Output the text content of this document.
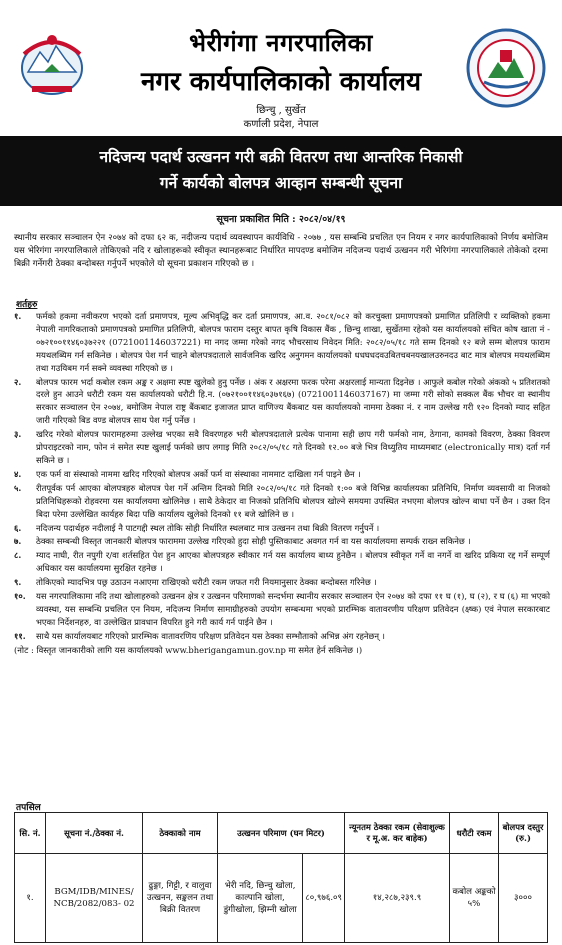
भेरीगंगा नगरपालिका
नगर कार्यपालिकाको कार्यालय
छिन्चु , सुर्खेत
कर्णाली प्रदेश, नेपाल
नदिजन्य पदार्थ उत्खनन गरी बक्री वितरण तथा आन्तरिक निकासी
गर्ने कार्यको बोलपत्र आव्हान सम्बन्धी सूचना
सूचना प्रकाशित मिति : २०८२/०४/१९
स्थानीय सरकार सञ्चालन ऐन २०७४ को दफा ६२ क, नदीजन्य पदार्थ व्यवस्थापन कार्यविधि - २०७७ , यस सम्बन्धि प्रचलित एन नियम र नगर कार्यपालिकाको निर्णय बमोजिम यस भेरिगंगा नगरपालिकाले तोकिएको नदि र खोलाहरूको स्वीकृत स्थानहरूबाट निर्धारित मापदण्ड बमोजिम नदिजन्य पदार्थ उत्खनन गरी भेरिगंगा नगरपालिकाले तोकेको दरमा बिक्री गर्नेगरी ठेक्का बन्दोबस्त गर्नुपर्ने भएकोले यो सूचना प्रकाशन गरिएको छ ।
शर्तहरु
१.	फर्मको हकमा नवीकरण भएको दर्ता प्रमाणपत्र, मूल्य अभिवृद्धि कर दर्ता प्रमाणपत्र, आ.व. २०८१/०८२ को करचुक्ता प्रमाणपत्रको प्रमाणित प्रतिलिपी र व्यक्तिको हकमा नेपाली नागरिकताको प्रमाणपत्रको प्रमाणित प्रतिलिपी, बोलपत्र फाराम दस्तुर बापत कृषि विकास बैंक , छिन्चु शाखा, सुर्खेतमा रहेको यस कार्यालयको संचित कोष खाता नं - ०७२१००११४६०३७२२१ (07210011460372​21) मा नगद जम्मा गरेको नगद भौचरसाथ निवेदन मिति: २०८२/०५/१८ गते सम्म दिनको १२ बजे सम्म बोलपत्र फाराम मयथलब्यिम गर्न सकिनेछ । बोलपत्र पेश गर्न चाहने बोलपत्रदाताले सार्वजनिक खरिद अनुगमन कार्यालयको धधघधदवउबितचबनयखालउरुनदउ बाट मात्र बोलपत्र मयथलब्यिम तथा गउयिबम गर्न सक्ने व्यवस्था गरिएको छ ।
२.	बोलपत्र फारम भर्दा कबोल रकम अङ्क र अक्षमा स्पष्ट खुलेको हुनु पर्नेछ । अंक र अक्षरमा फरक परेमा अक्षरलाई मान्यता दिइनेछ । आफुले कबोल गरेको अंकको ५ प्रतिशतको दरले हुन आउने धरौटी रकम यस कार्यालयको धरौटी हि.न. (०७२१००११४६०३७१६७) (07210011460371​67) मा जम्मा गरी सोको सक्कल बैंक भौचर वा स्थानीय सरकार सञ्चालन ऐन २०७४, बमोजिम नेपाल राष्ट्र बैंकबाट इजाजत प्राप्त वाणिज्य बैंकबाट यस कार्यालयको नाममा ठेक्का नं. र नाम उल्लेख गरी १२० दिनको म्याद सहित जारी गरिएको बिड वण्ड बोलपत्र साथ पेश गर्नु पर्नेछ ।
३.	खरिद गरेको बोलपत्र फारामहरुमा उल्लेख भएका सवै विवरणहरु भरी बोलपत्रदाताले प्रत्येक पानामा सही छाप गरी फर्मको नाम, ठेगाना, कामको विवरण, ठेक्का विवरण प्रोपराइटरको नाम, फोन नं समेत स्पष्ट खुलाई फर्मको छाप लगाइ मिति २०८२/०५/१८ गते दिनको १२.०० बजे भित्र विध्युतिय माध्यमबाट (electronically मात्र) दर्ता गर्न सकिने छ ।
४.	एक फर्म वा संस्थाको नाममा खरिद गरिएको बोलपत्र अर्को फर्म वा संस्थाका नाममाट दाखिला गर्न पाइने छैन ।
५.	रीतपूर्वक पर्न आएका बोलपत्रहरु बोलपत्र पेश गर्ने अन्तिम दिनको मिति २०८२/०५/१८ गते दिनको १:०० बजे विभिन्न कार्यालयका प्रतिनिधि, निर्माण व्यवसायी वा निजको प्रतिनिधिहरूको रोहवरमा यस कार्यालयमा खोलिनेछ । साथै ठेकेदार वा निजको प्रतिनिधि बोलपत्र खोल्ने समयमा उपस्थित नभएमा बोलपत्र खोल्न बाधा पर्ने छैन । उक्त दिन बिदा परेमा उल्लेखित कार्यहरु बिदा पछि कार्यालय खुलेको दिनको ११ बजे खोलिने छ ।
६.	नदिजन्य पदार्थहरु नदीलाई नै पाटगद्दी स्थल तोकि सोही निर्धारित स्थलबाट मात्र उत्खनन तथा बिक्री वितरण गर्नुपर्ने ।
७.	ठेक्का सम्बन्धी विस्तृत जानकारी बोलपत्र फाराममा उल्लेख गरिएको हुदा सोही पुस्तिकाबाट अवगत गर्न वा यस कार्यालयमा सम्पर्क राख्न सकिनेछ ।
८.	म्याद नाघी, रीत नपुगी र/वा शर्तसहित पेश हुन आएका बोलपत्रहरु स्वीकार गर्न यस कार्यालय बाध्य हुनेछैन । बोलपत्र स्वीकृत गर्ने वा नगर्ने वा खरिद प्रकिया रद्द गर्ने सम्पूर्ण अधिकार यस कार्यालयमा सुरक्षित रहनेछ ।
९.	तोकिएको म्यादभित्र पछ्र उठाउन नआएमा राखिएको धरौटी रकम जफत गरी नियमानुसार ठेक्का बन्दोबस्त गरिनेछ ।
१०.	यस नगरपालिकामा नदि तथा खोलाहरुको उत्खनन क्षेत्र र उत्खनन परिमाणको सन्दर्भमा स्थानीय सरकार सञ्चालन ऐन २०७४ को दफा ११ घ (१), घ (२), र घ (६) मा भएको व्यवस्था, यस सम्बन्धि प्रचलित एन नियम, नदिजन्य निर्माण सामाग्रीहरुको उपयोग सम्बन्धमा भएको प्रारम्भिक वातावरणीय परिक्षण प्रतिवेदन (क्ष्ष्क) एवं नेपाल सरकारबाट भएका निर्देशनहरु, वा उल्लेखित प्रावधान विपरित हुने गरी कार्य गर्न पाईने छैन ।
११.	साथै यस कार्यालयबाट गरिएको प्रारम्भिक वातावरणिय परिक्षण प्रतिवेदन यस ठेक्का सम्भौताको अभिन्न अंग रहनेछन् ।
(नोट : विस्तृत जानकारीको लागि यस कार्यालयको www.bherigangamun.gov.np मा समेत हेर्न सकिनेछ ।)
तपसिल
सि. नं.	सूचना नं./ठेक्का नं.	ठेक्काको नाम	उत्खनन परिमाण (घन मिटर)		न्यूनतम ठेक्का रकम (सेवाशुल्क र मू.अ. कर बाहेक)	धरौटी रकम	बोलपत्र दस्तुर (रु.)
१.	BGM/IDB/MINES/ NCB/2082/083- 02	ढुङ्गा, गिट्टी, र वालुवा उत्खनन, सङ्कलन तथा बिक्री वितरण	भेरी नदि, छिन्चु खोला, काल्पानि खोला, डुंगीखोला, झिम्नी खोला	८०,९७६.०९	१४,२८७,२३९.९	कबोल अङ्कको ५%	३०००
